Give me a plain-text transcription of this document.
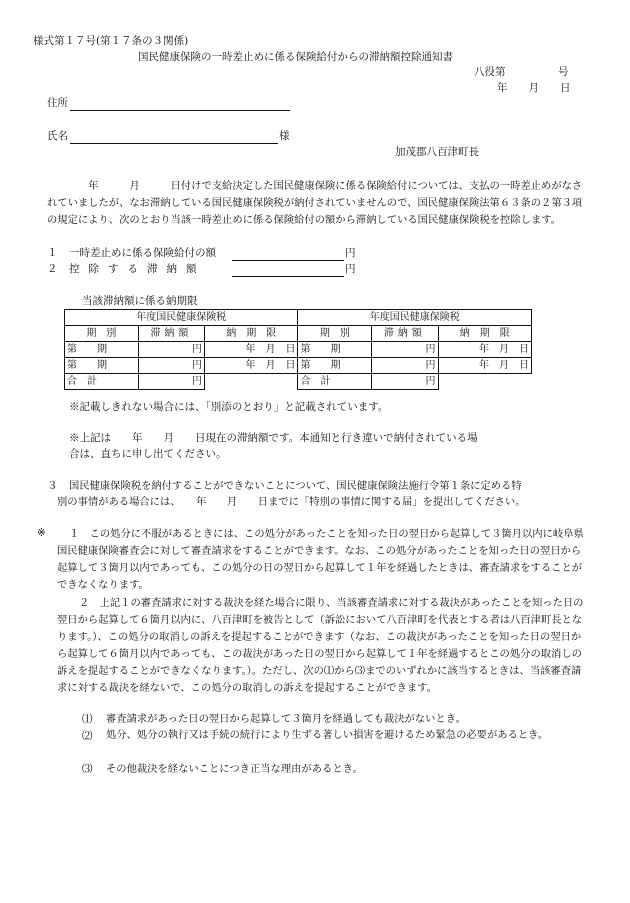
様式第１７号(第１７条の３関係)
国民健康保険の一時差止めに係る保険給付からの滞納額控除通知書
八役第　　　　　号
年　　月　　日
住所
氏名	様
加茂郡八百津町長
　　　　年　　　月　　　日付けで支給決定した国民健康保険に係る保険給付については、支払の一時差止めがなされていましたが、なお滞納している国民健康保険税が納付されていませんので、国民健康保険法第６３条の２第３項の規定により、次のとおり当該一時差止めに係る保険給付の額から滞納している国民健康保険税を控除します。
１ 一時差止めに係る保険給付の額	円
２ 控除する滞納額	円
当該滞納額に係る納期限
年度国民健康保険税			年度国民健康保険税		
期　別	滞納額	納　期　限	期　別	滞納額	納　期　限
第　　期	円	年　月　日	第　　期	円	年　月　日
第　　期	円	年　月　日	第　　期	円	年　月　日
合　計	円		合　計	円	
※記載しきれない場合には、「別添のとおり」と記載されています。
※上記は　　年　　月　　日現在の滞納額です。本通知と行き違いで納付されている場
合は、直ちに申し出てください。
３ 国民健康保険税を納付することができないことについて、国民健康保険法施行令第１条に定める特
別の事情がある場合には、　　年　　月　　日までに「特別の事情に関する届」を提出してください。
※	１　この処分に不服があるときには、この処分があったことを知った日の翌日から起算して３箇月以内に岐阜県国民健康保険審査会に対して審査請求をすることができます。なお、この処分があったことを知った日の翌日から起算して３箇月以内であっても、この処分の日の翌日から起算して１年を経過したときは、審査請求をすることができなくなります。
２　上記１の審査請求に対する裁決を経た場合に限り、当該審査請求に対する裁決があったことを知った日の翌日から起算して６箇月以内に、八百津町を被告として（訴訟において八百津町を代表とする者は八百津町長となります。）、この処分の取消しの訴えを提起することができます（なお、この裁決があったことを知った日の翌日から起算して６箇月以内であっても、この裁決があった日の翌日から起算して１年を経過するとこの処分の取消しの訴えを提起することができなくなります。）。ただし、次の⑴から⑶までのいずれかに該当するときは、当該審査請求に対する裁決を経ないで、この処分の取消しの訴えを提起することができます。
⑴ 審査請求があった日の翌日から起算して３箇月を経過しても裁決がないとき。
⑵ 処分、処分の執行又は手続の続行により生ずる著しい損害を避けるため緊急の必要があるとき。
⑶ その他裁決を経ないことにつき正当な理由があるとき。
